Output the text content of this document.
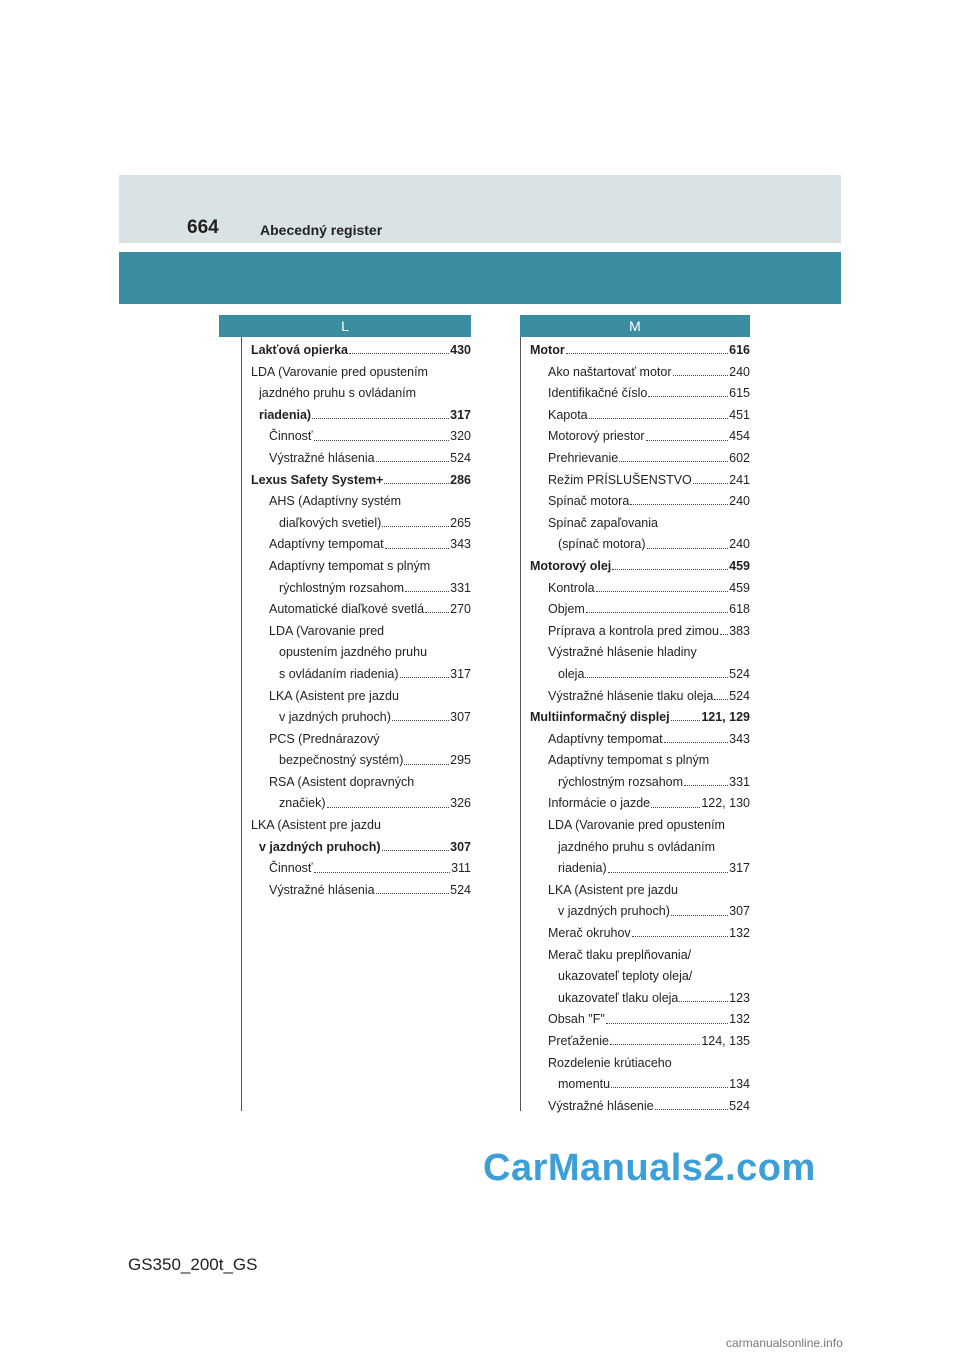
664	Abecedný register
L
Lakťová opierka	430
LDA (Varovanie pred opustením
jazdného pruhu s ovládaním
riadenia)	317
Činnosť	320
Výstražné hlásenia	524
Lexus Safety System+	286
AHS (Adaptívny systém
diaľkových svetiel)	265
Adaptívny tempomat	343
Adaptívny tempomat s plným
rýchlostným rozsahom	331
Automatické diaľkové svetlá 270
LDA (Varovanie pred
opustením jazdného pruhu
s ovládaním riadenia)	317
LKA (Asistent pre jazdu
v jazdných pruhoch)	307
PCS (Prednárazový
bezpečnostný systém)	295
RSA (Asistent dopravných
značiek)	326
LKA (Asistent pre jazdu
v jazdných pruhoch)	307
Činnosť	311
Výstražné hlásenia	524
M
Motor	616
Ako naštartovať motor	240
Identifikačné číslo	615
Kapota	451
Motorový priestor	454
Prehrievanie	602
Režim PRÍSLUŠENSTVO	241
Spínač motora	240
Spínač zapaľovania
(spínač motora)	240
Motorový olej	459
Kontrola	459
Objem	618
Príprava a kontrola pred zimou 383
Výstražné hlásenie hladiny
oleja	524
Výstražné hlásenie tlaku oleja 524
Multiinformačný displej	121, 129
Adaptívny tempomat	343
Adaptívny tempomat s plným
rýchlostným rozsahom	331
Informácie o jazde	122, 130
LDA (Varovanie pred opustením
jazdného pruhu s ovládaním
riadenia)	317
LKA (Asistent pre jazdu
v jazdných pruhoch)	307
Merač okruhov	132
Merač tlaku preplňovania/
ukazovateľ teploty oleja/
ukazovateľ tlaku oleja	123
Obsah "F"	132
Preťaženie	124, 135
Rozdelenie krútiaceho
momentu	134
Výstražné hlásenie	524
CarManuals2.com
GS350_200t_GS
carmanualsonline.info
